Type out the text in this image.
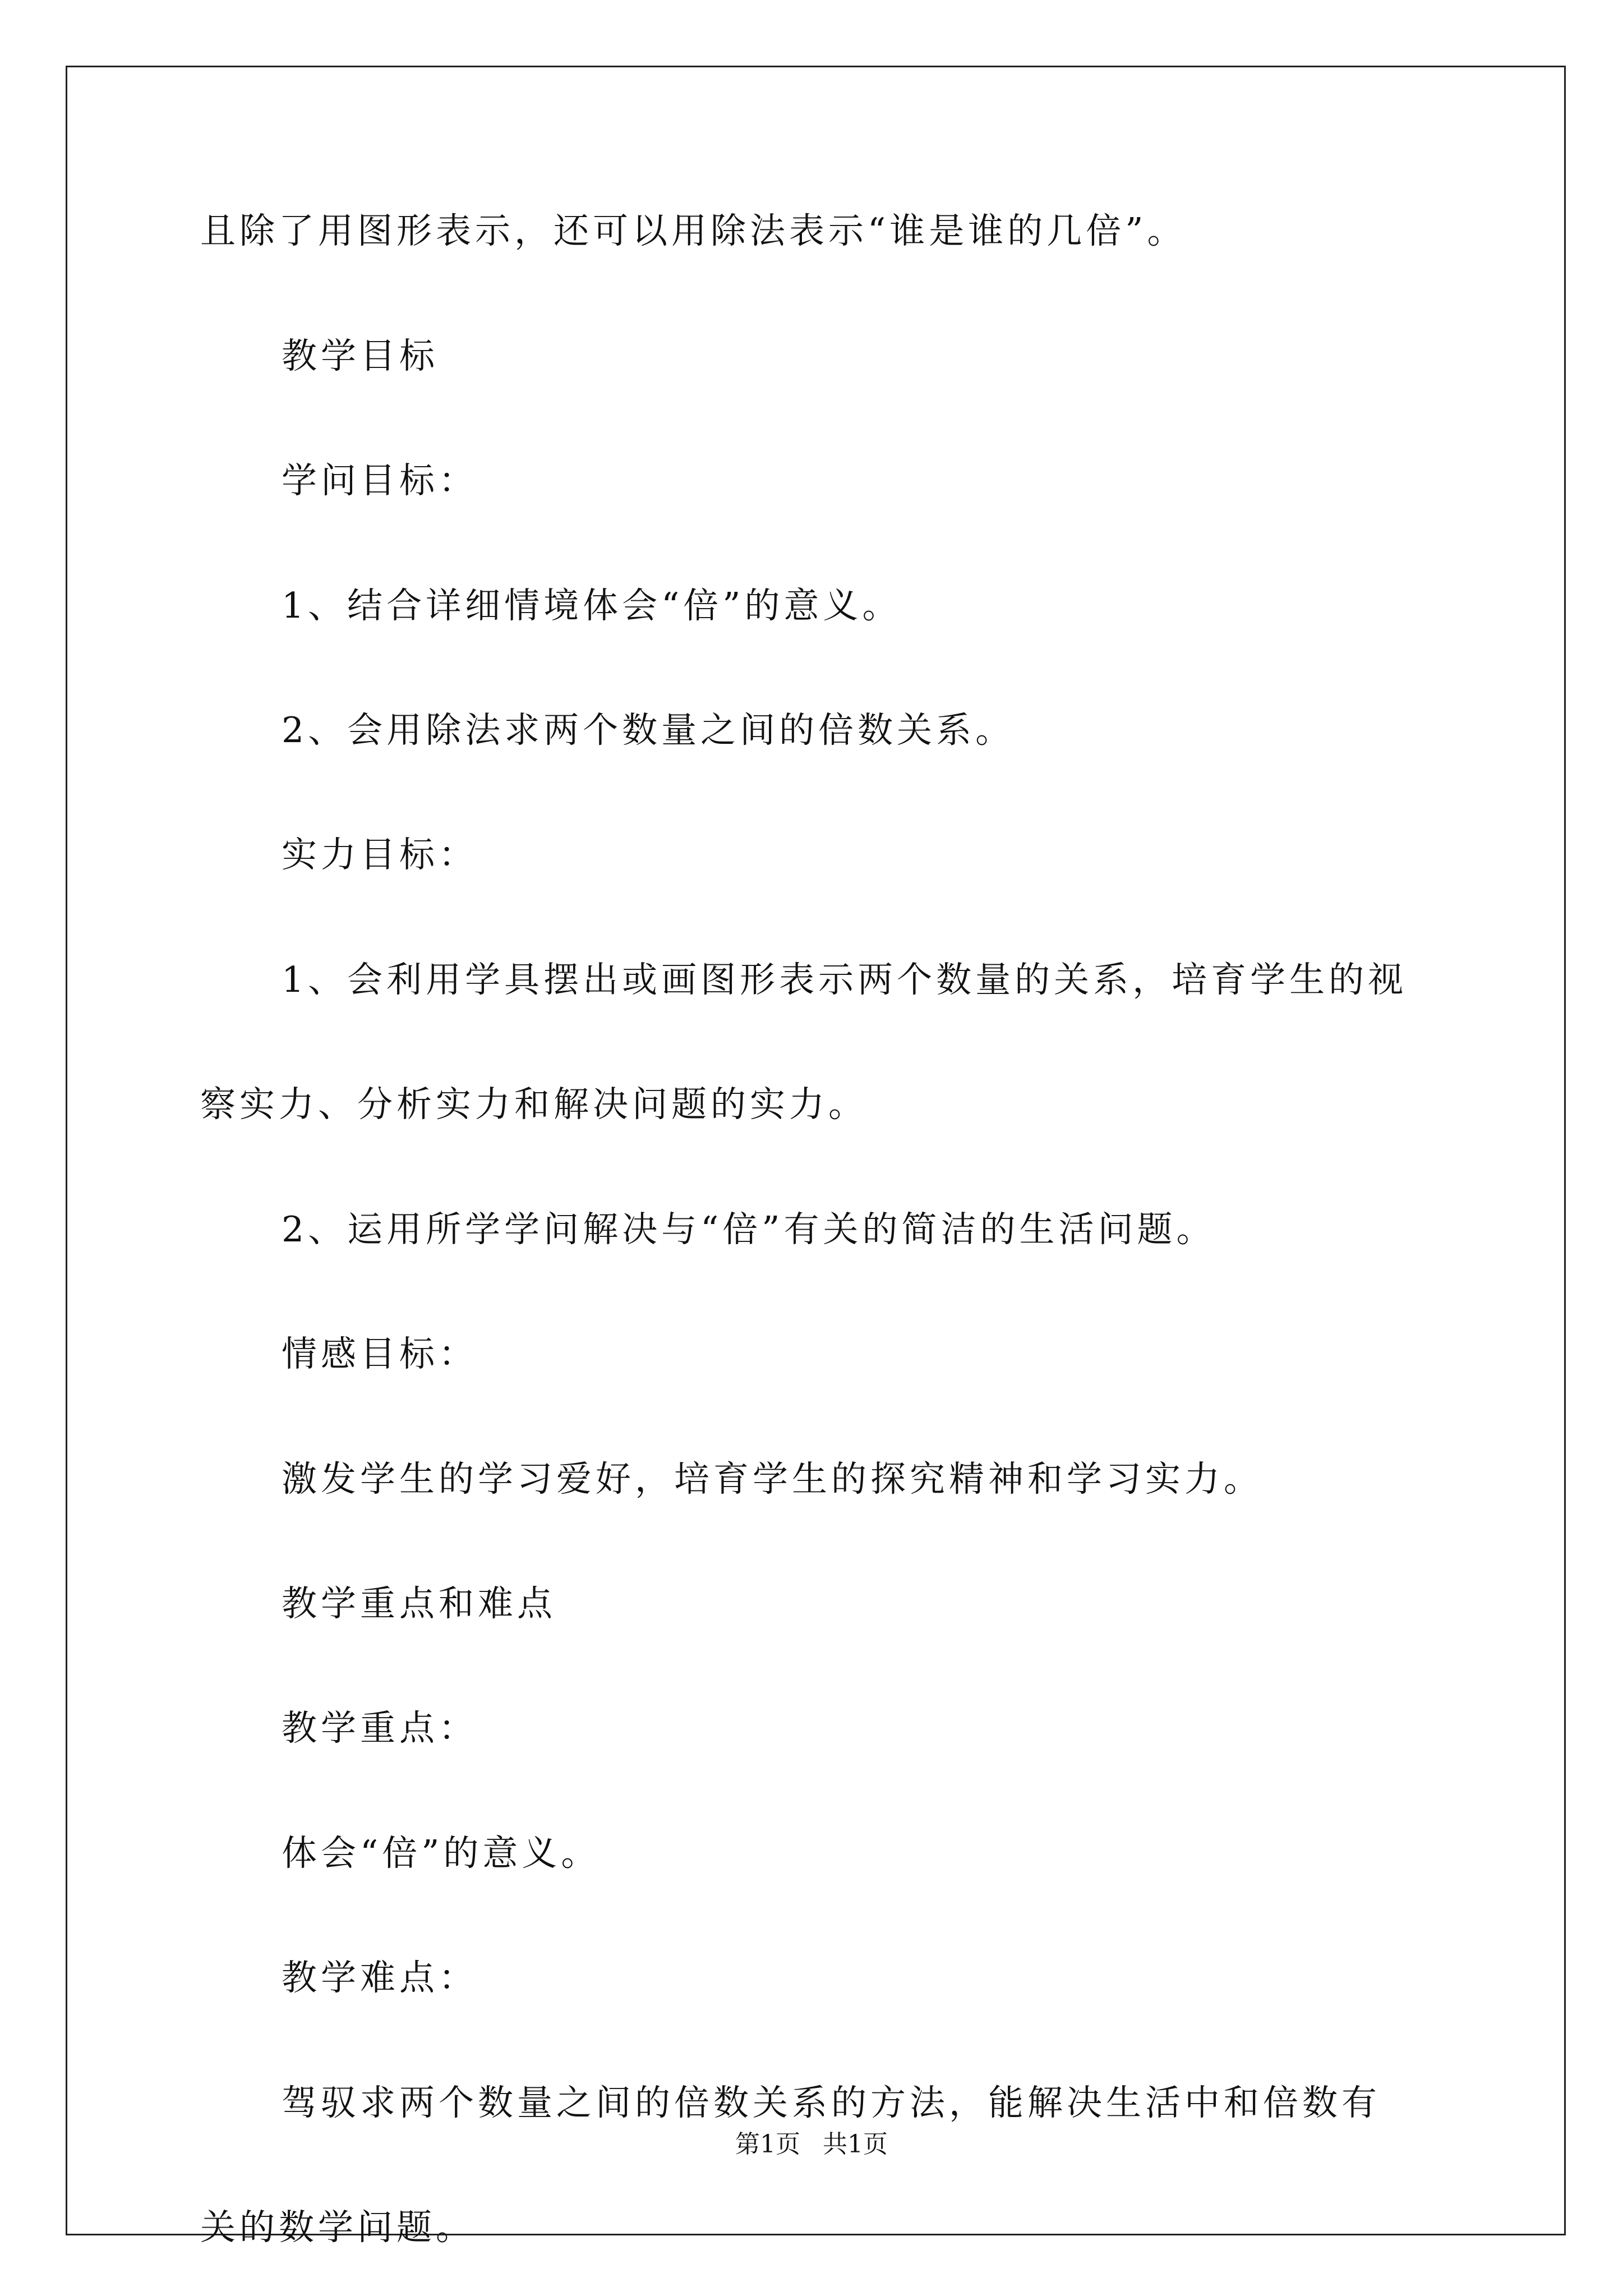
且除了用图形表示，还可以用除法表示“谁是谁的几倍”。
教学目标
学问目标：
1、结合详细情境体会“倍”的意义。
2、会用除法求两个数量之间的倍数关系。
实力目标：
1、会利用学具摆出或画图形表示两个数量的关系，培育学生的视
察实力、分析实力和解决问题的实力。
2、运用所学学问解决与“倍”有关的简洁的生活问题。
情感目标：
激发学生的学习爱好，培育学生的探究精神和学习实力。
教学重点和难点
教学重点：
体会“倍”的意义。
教学难点：
驾驭求两个数量之间的倍数关系的方法，能解决生活中和倍数有
关的数学问题。
第1页 共1页
